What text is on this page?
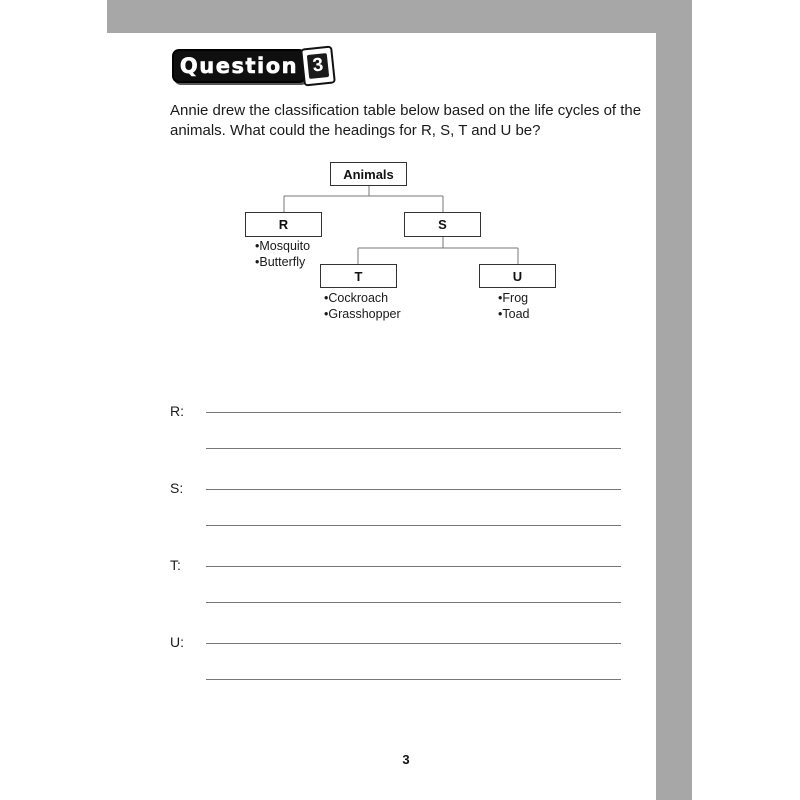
Question 3
Annie drew the classification table below based on the life cycles of the animals. What could the headings for R, S, T and U be?
Animals
R	S
T	U
• Mosquito
• Butterfly
• Cockroach
• Grasshopper
• Frog
• Toad
R:
S:
T:
U:
3
